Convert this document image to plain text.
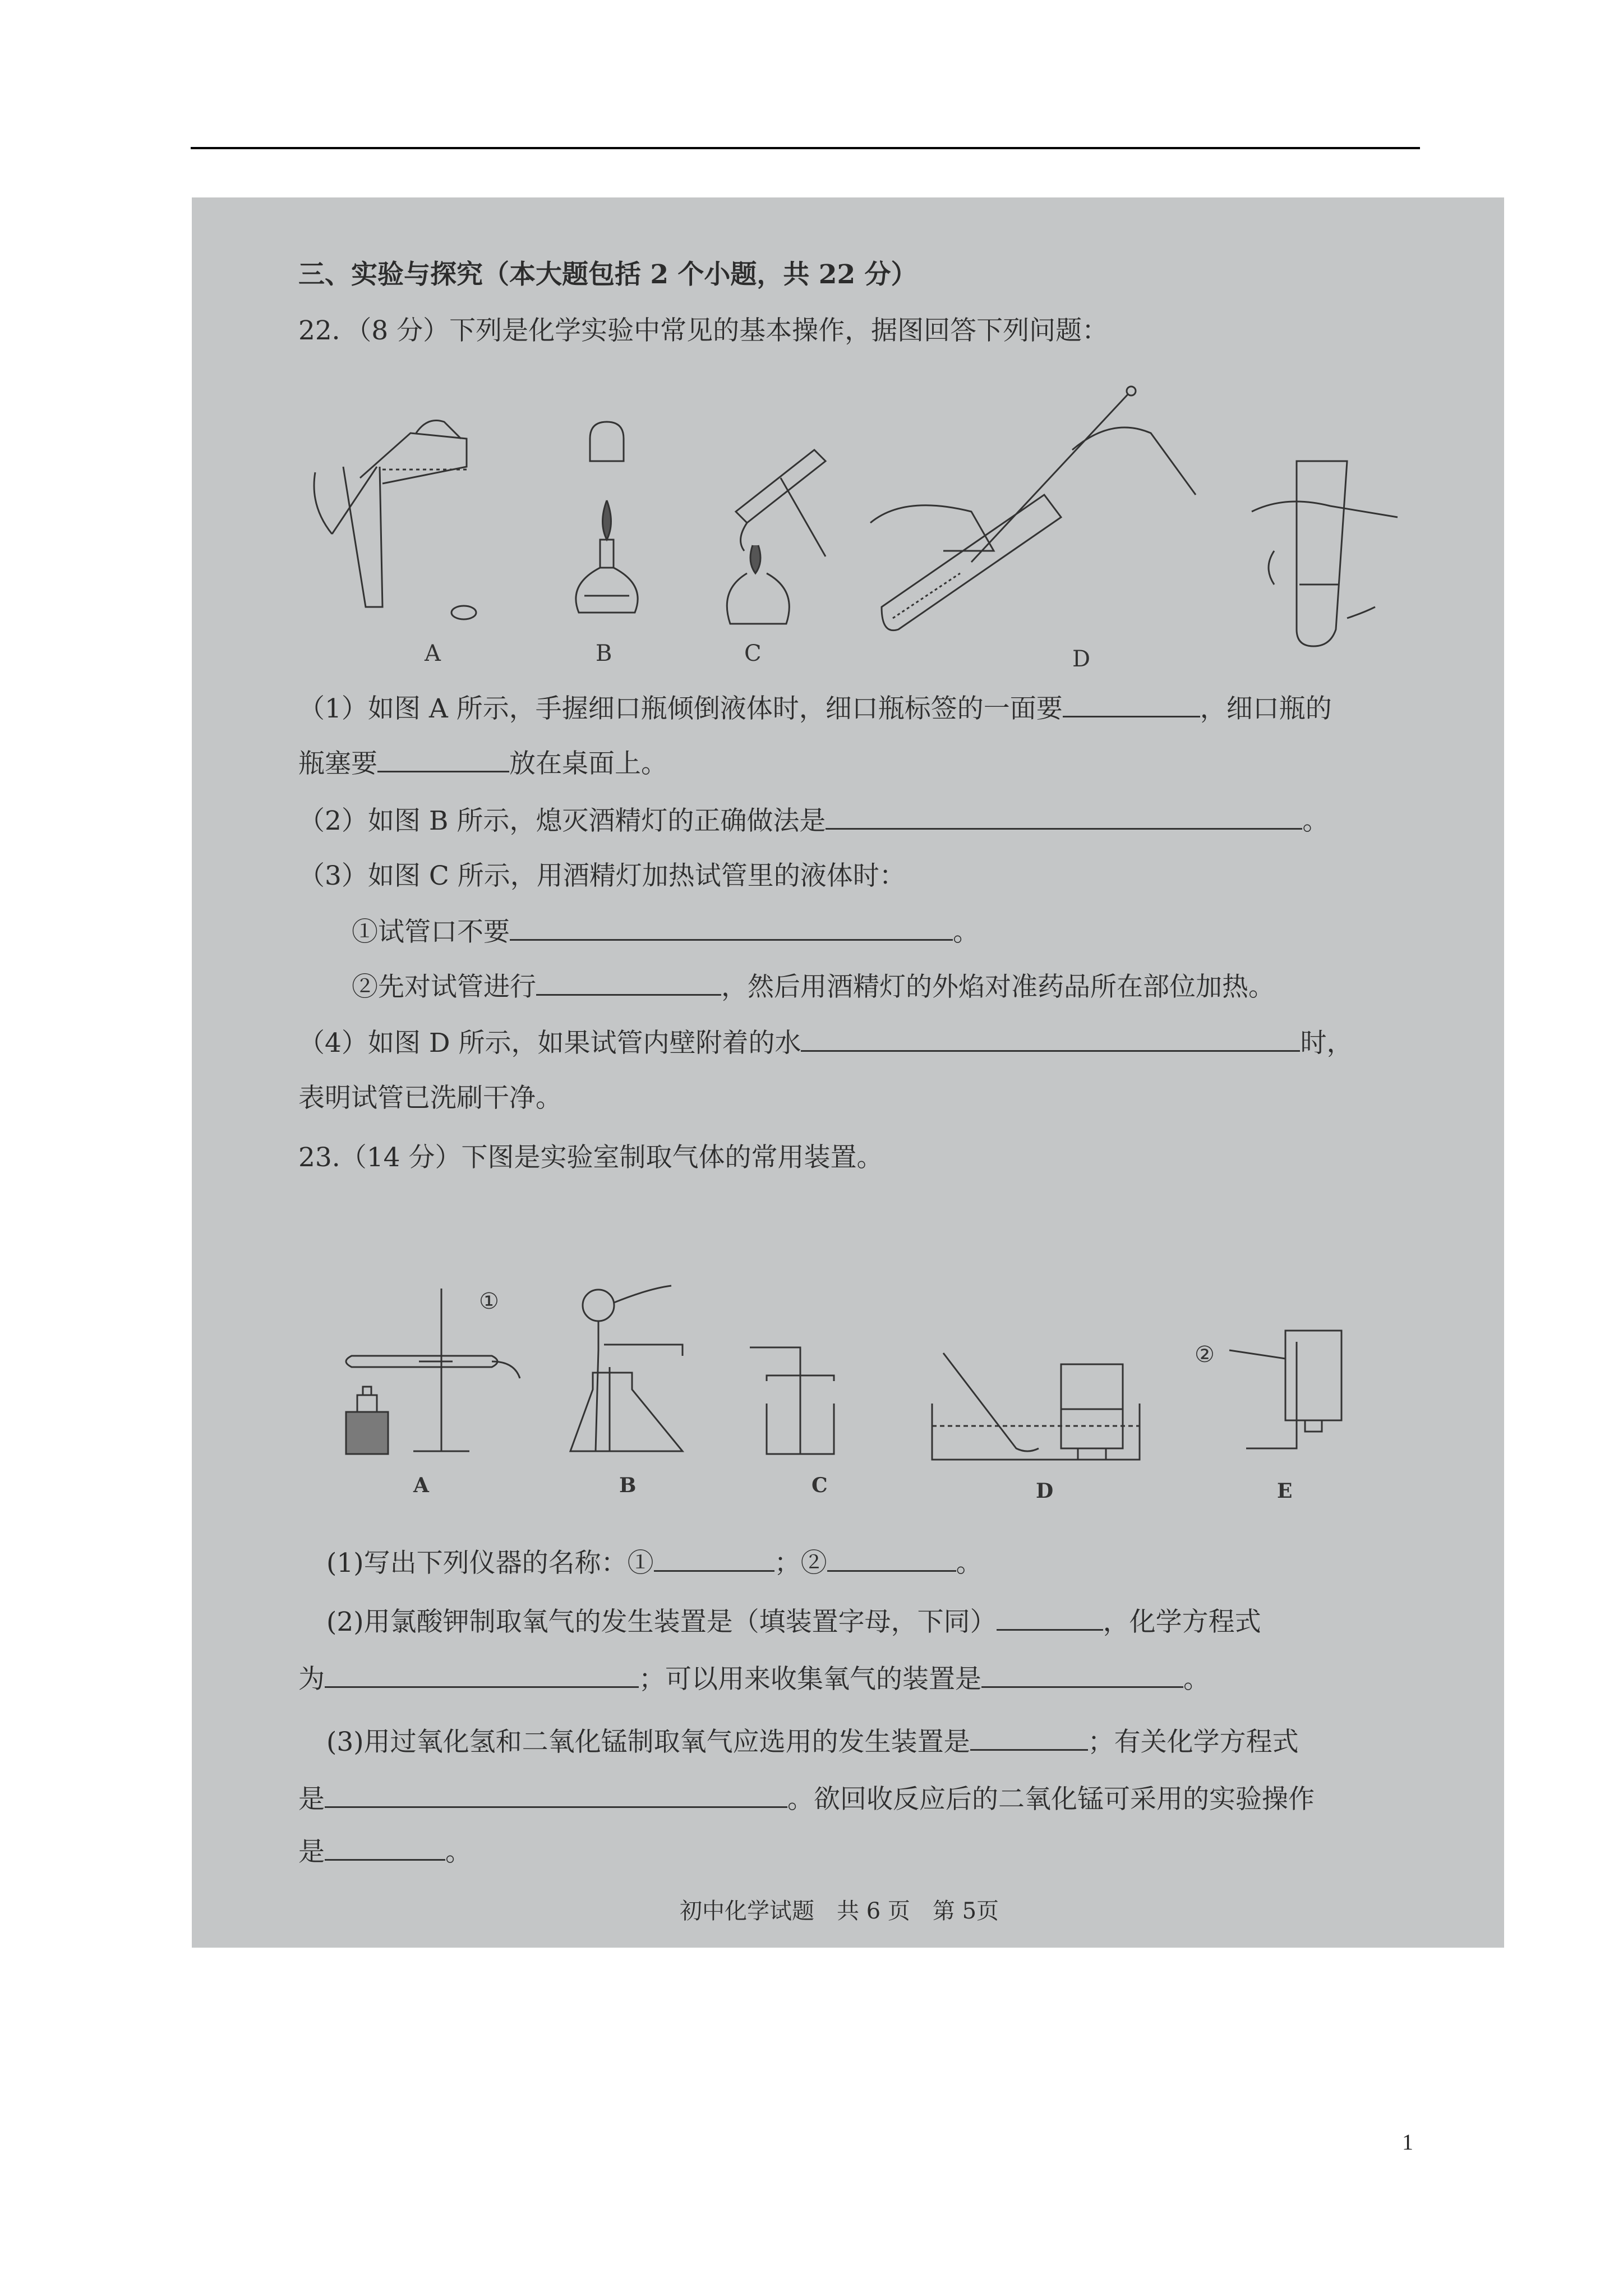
三、实验与探究（本大题包括 2 个小题，共 22 分）
22．（8 分）下列是化学实验中常见的基本操作，据图回答下列问题：
A	B	C	D
（1）如图 A 所示，手握细口瓶倾倒液体时，细口瓶标签的一面要	，细口瓶的
瓶塞要	放在桌面上。
（2）如图 B 所示，熄灭酒精灯的正确做法是	。
（3）如图 C 所示，用酒精灯加热试管里的液体时：
①试管口不要	。
②先对试管进行	，然后用酒精灯的外焰对准药品所在部位加热。
（4）如图 D 所示，如果试管内壁附着的水	时，
表明试管已洗刷干净。
23.（14 分）下图是实验室制取气体的常用装置。
A
①
B	C	D
②
E
(1)写出下列仪器的名称：①	；②	。
(2)用氯酸钾制取氧气的发生装置是（填装置字母，下同）	，化学方程式
为	；可以用来收集氧气的装置是	。
(3)用过氧化氢和二氧化锰制取氧气应选用的发生装置是	；有关化学方程式
是	。欲回收反应后的二氧化锰可采用的实验操作
是	。
初中化学试题　共 6 页　第 5页
1
